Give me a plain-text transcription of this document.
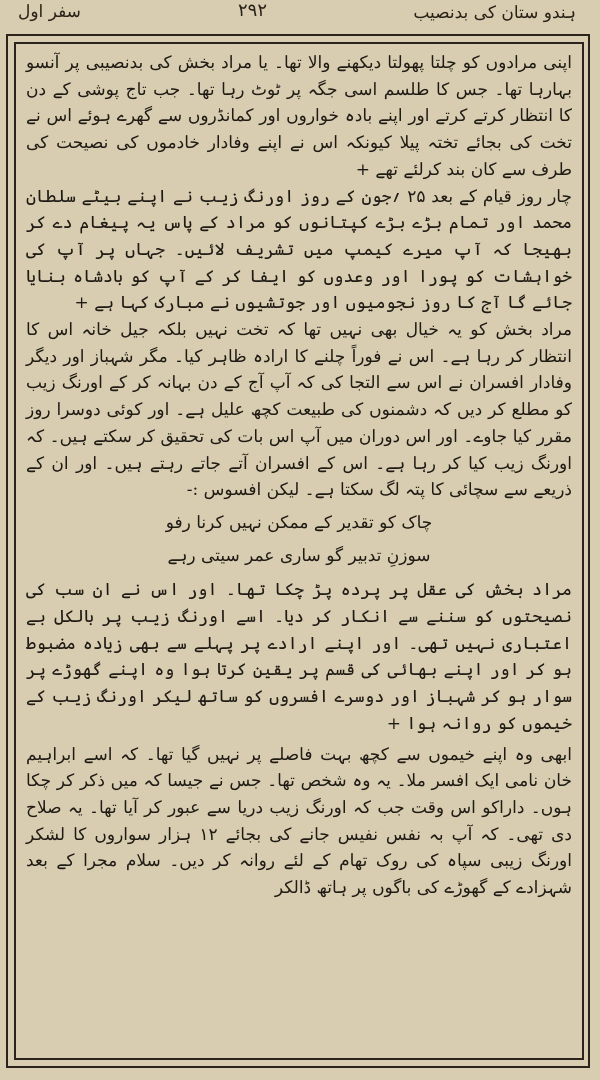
سفر اول	٢٩٢	ہندو ستان کی بدنصیب

اپنی مرادوں کو چلتا پھولتا دیکھنے والا تھا۔ یا مراد بخش کی بدنصیبی پر آنسو بہارہا تھا۔ جس کا طلسم اسی جگہ پر ٹوٹ رہا تھا۔ جب تاج پوشی کے دن کا انتظار کرتے کرتے اور اپنے بادہ خواروں اور کمانڈروں سے گھرے ہوئے اس نے تخت کی بجائے تختہ پیلا کیونکہ اس نے اپنے وفادار خادموں کی نصیحت کی طرف سے کان بند کرلئے تھے +

چار روز قیام کے بعد ۲۵ ؍جون کے روز اورنگ زیب نے اپنے بیٹے سلطان محمد اور تمام بڑے بڑے کپتانوں کو مراد کے پاس یہ پیغام دے کر بھیجا کہ آپ میرے کیمپ میں تشریف لائیں۔ جہاں پر آپ کی خواہشات کو پورا اور وعدوں کو ایفا کر کے آپ کو بادشاہ بنایا جائے گا آج کا روز نجومیوں اور جوتشیوں نے مبارک کہا ہے +

مراد بخش کو یہ خیال بھی نہیں تھا کہ تخت نہیں بلکہ جیل خانہ اس کا انتظار کر رہا ہے۔ اس نے فوراً چلنے کا ارادہ ظاہر کیا۔ مگر شہباز اور دیگر وفادار افسران نے اس سے التجا کی کہ آپ آج کے دن بہانہ کر کے اورنگ زیب کو مطلع کر دیں کہ دشمنوں کی طبیعت کچھ علیل ہے۔ اور کوئی دوسرا روز مقرر کیا جاوے۔ اور اس دوران میں آپ اس بات کی تحقیق کر سکتے ہیں۔ کہ اورنگ زیب کیا کر رہا ہے۔ اس کے افسران آتے جاتے رہتے ہیں۔ اور ان کے ذریعے سے سچائی کا پتہ لگ سکتا ہے۔ لیکن افسوس :-

چاک کو تقدیر کے ممکن نہیں کرنا رفو

سوزنِ تدبیر گو ساری عمر سیتی رہے

مراد بخش کی عقل پر پردہ پڑ چکا تھا۔ اور اس نے ان سب کی نصیحتوں کو سننے سے انکار کر دیا۔ اسے اورنگ زیب پر بالکل بے اعتباری نہیں تھی۔ اور اپنے ارادے پر پہلے سے بھی زیادہ مضبوط ہو کر اور اپنے بھائی کی قسم پر یقین کرتا ہوا وہ اپنے گھوڑے پر سوار ہو کر شہباز اور دوسرے افسروں کو ساتھ لیکر اورنگ زیب کے خیموں کو روانہ ہوا +

ابھی وہ اپنے خیموں سے کچھ بہت فاصلے پر نہیں گیا تھا۔ کہ اسے ابراہیم خان نامی ایک افسر ملا۔ یہ وہ شخص تھا۔ جس نے جیسا کہ میں ذکر کر چکا ہوں۔ داراکو اس وقت جب کہ اورنگ زیب دریا سے عبور کر آیا تھا۔ یہ صلاح دی تھی۔ کہ آپ بہ نفس نفیس جانے کی بجائے ۱۲ ہزار سواروں کا لشکر اورنگ زیبی سپاہ کی روک تھام کے لئے روانہ کر دیں۔ سلام مجرا کے بعد شہزادے کے گھوڑے کی باگوں پر ہاتھ ڈالکر
